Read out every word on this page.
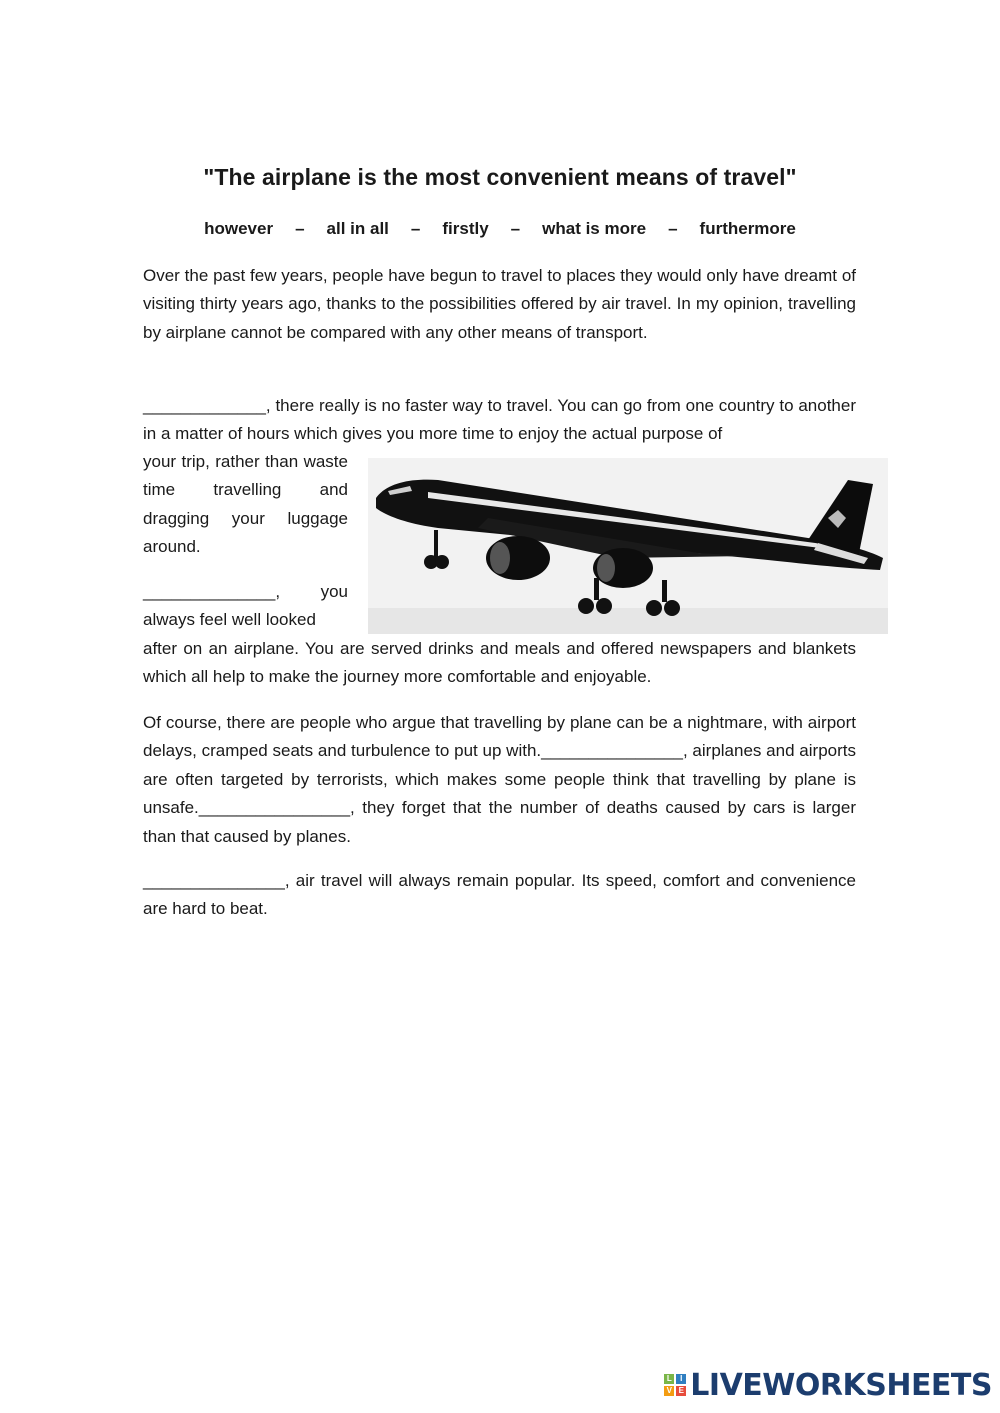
"The airplane is the most convenient means of travel"
however – all in all – firstly – what is more – furthermore

Over the past few years, people have begun to travel to places they would only have dreamt of visiting thirty years ago, thanks to the possibilities offered by air travel. In my opinion, travelling by airplane cannot be compared with any other means of transport.

_____________, there really is no faster way to travel. You can go from one country to another in a matter of hours which gives you more time to enjoy the actual purpose of

your trip, rather than waste time travelling and dragging your luggage around.

______________, you always feel well looked

after on an airplane. You are served drinks and meals and offered newspapers and blankets which all help to make the journey more comfortable and enjoyable.

Of course, there are people who argue that travelling by plane can be a nightmare, with airport delays, cramped seats and turbulence to put up with._______________, airplanes and airports are often targeted by terrorists, which makes some people think that travelling by plane is unsafe.________________, they forget that the number of deaths caused by cars is larger than that caused by planes.

_______________, air travel will always remain popular. Its speed, comfort and convenience are hard to beat.

L	I
V E LIVEWORKSHEETS
